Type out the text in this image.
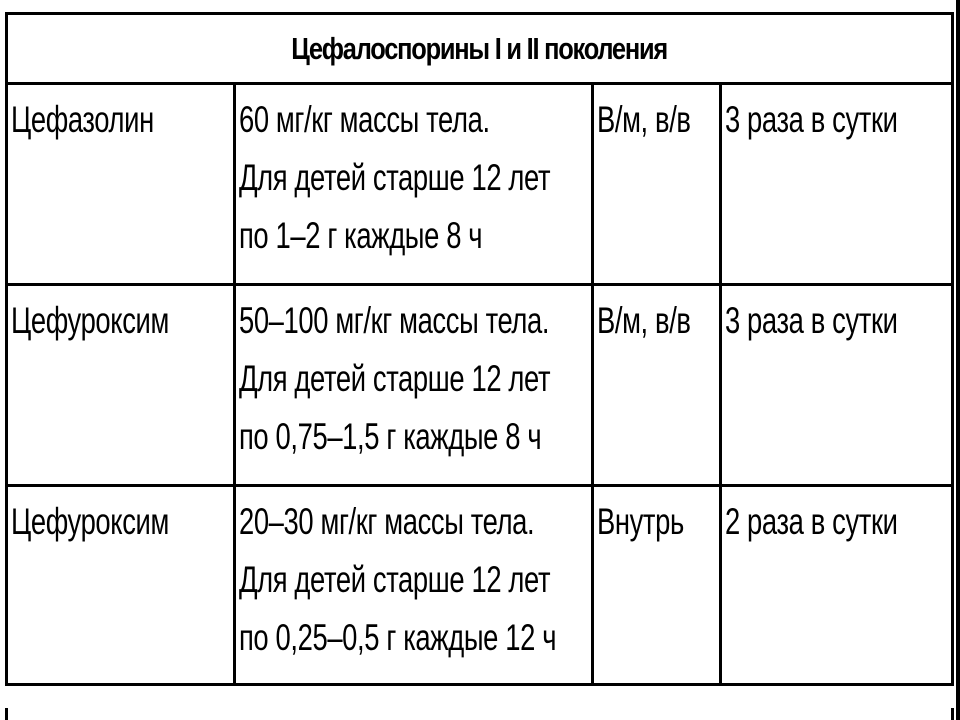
Цефалоспорины I и II поколения			

Цефазолин	60 мг/кг массы тела.
Для детей старше 12 лет
по 1–2 г каждые 8 ч	В/м, в/в	3 раза в сутки

Цефуроксим	50–100 мг/кг массы тела.
Для детей старше 12 лет
по 0,75–1,5 г каждые 8 ч	В/м, в/в	3 раза в сутки

Цефуроксим	20–30 мг/кг массы тела.
Для детей старше 12 лет
по 0,25–0,5 г каждые 12 ч	Внутрь	2 раза в сутки
